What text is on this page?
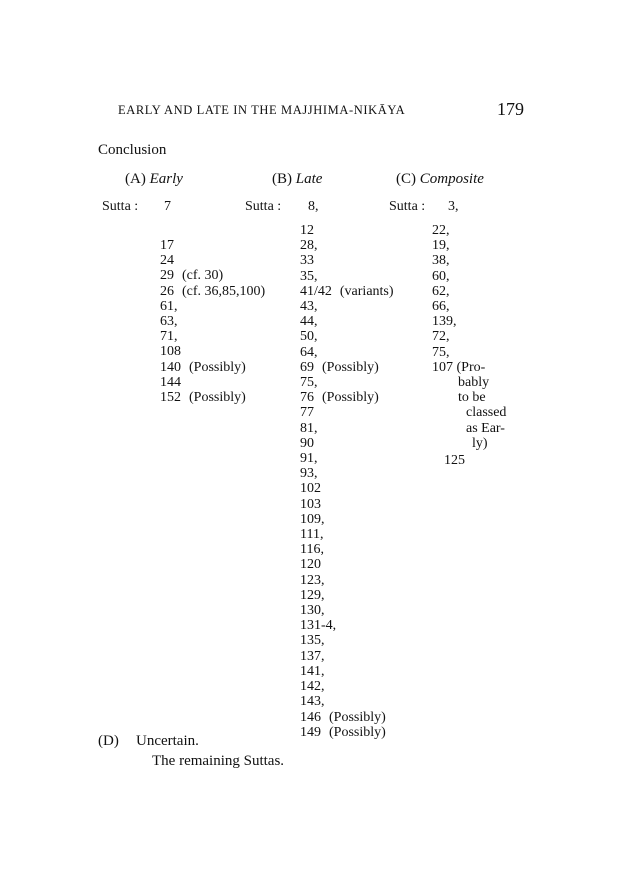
EARLY AND LATE IN THE MAJJHIMA-NIKĀYA	179
Conclusion
(A) Early	(B) Late	(C) Composite
Sutta : 7	Sutta : 8,	Sutta : 3,
17
24
29 (cf. 30)
26 (cf. 36,85,100)
61,
63,
71,
108
140 (Possibly)
144
152 (Possibly)
12
28,
33
35,
41/42 (variants)
43,
44,
50,
64,
69 (Possibly)
75,
76 (Possibly)
77
81,
90
91,
93,
102
103
109,
111,
116,
120
123,
129,
130,
131-4,
135,
137,
141,
142,
143,
146 (Possibly)
149 (Possibly)
22,
19,
38,
60,
62,
66,
139,
72,
75,
107 (Pro-
bably
to be
classed
as Ear-
ly)
125
(D) Uncertain.
The remaining Suttas.
